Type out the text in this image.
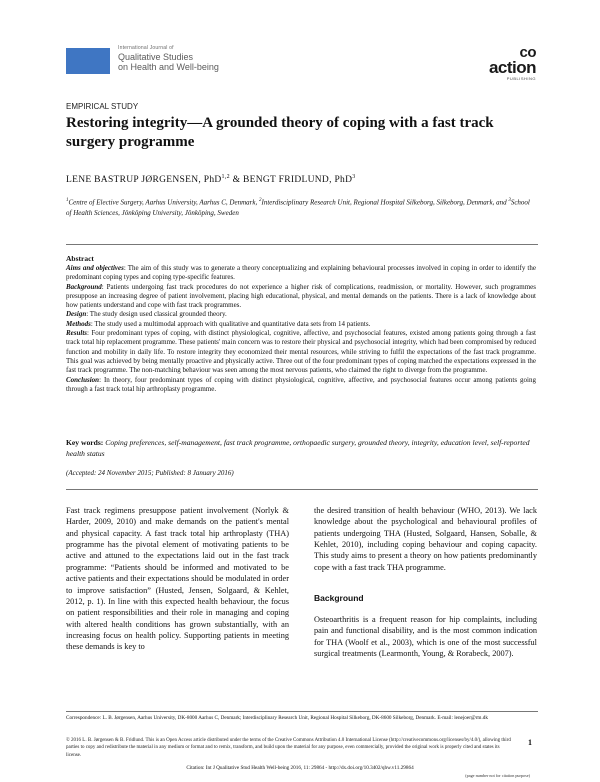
International Journal of
Qualitative Studies
on Health and Well-being
co
action
PUBLISHING
EMPIRICAL STUDY
Restoring integrity—A grounded theory of coping with a fast track surgery programme
LENE BASTRUP JØRGENSEN, PhD$^{1,2}$ & BENGT FRIDLUND, PhD$^3$
$^1$Centre of Elective Surgery, Aarhus University, Aarhus C, Denmark, $^2$Interdisciplinary Research Unit, Regional Hospital Silkeborg, Silkeborg, Denmark, and $^3$School of Health Sciences, Jönköping University, Jönköping, Sweden
Abstract

Aims and objectives: The aim of this study was to generate a theory conceptualizing and explaining behavioural processes involved in coping in order to identify the predominant coping types and coping type-specific features.

Background: Patients undergoing fast track procedures do not experience a higher risk of complications, readmission, or mortality. However, such programmes presuppose an increasing degree of patient involvement, placing high educational, physical, and mental demands on the patients. There is a lack of knowledge about how patients understand and cope with fast track programmes.

Design: The study design used classical grounded theory.

Methods: The study used a multimodal approach with qualitative and quantitative data sets from 14 patients.

Results: Four predominant types of coping, with distinct physiological, cognitive, affective, and psychosocial features, existed among patients going through a fast track total hip replacement programme. These patients' main concern was to restore their physical and psychosocial integrity, which had been compromised by reduced function and mobility in daily life. To restore integrity they economized their mental resources, while striving to fulfil the expectations of the fast track programme. This goal was achieved by being mentally proactive and physically active. Three out of the four predominant types of coping matched the expectations expressed in the fast track programme. The non-matching behaviour was seen among the most nervous patients, who claimed the right to diverge from the programme.

Conclusion: In theory, four predominant types of coping with distinct physiological, cognitive, affective, and psychosocial features occur among patients going through a fast track total hip arthroplasty programme.

Key words: Coping preferences, self-management, fast track programme, orthopaedic surgery, grounded theory, integrity, education level, self-reported health status
(Accepted: 24 November 2015; Published: 8 January 2016)

Fast track regimens presuppose patient involvement (Norlyk & Harder, 2009, 2010) and make demands on the patient's mental and physical capacity. A fast track total hip arthroplasty (THA) programme has the pivotal element of motivating patients to be active and attuned to the expectations laid out in the fast track programme: “Patients should be informed and motivated to be active patients and their expectations should be modulated in order to improve satisfaction” (Husted, Jensen, Solgaard, & Kehlet, 2012, p. 1). In line with this expected health behaviour, the focus on patient responsibilities and their role in managing and coping with altered health conditions has grown substantially, with an increasing focus on health policy. Supporting patients in meeting these demands is key to

the desired transition of health behaviour (WHO, 2013). We lack knowledge about the psychological and behavioural profiles of patients undergoing THA (Husted, Solgaard, Hansen, Soballe, & Kehlet, 2010), including coping behaviour and coping capacity. This study aims to present a theory on how patients predominantly cope with a fast track THA programme.

Background

Osteoarthritis is a frequent reason for hip complaints, including pain and functional disability, and is the most common indication for THA (Woolf et al., 2003), which is one of the most successful surgical treatments (Learmonth, Young, & Rorabeck, 2007).

Correspondence: L. B. Jørgensen, Aarhus University, DK-8000 Aarhus C, Denmark; Interdisciplinary Research Unit, Regional Hospital Silkeborg, DK-8600 Silkeborg, Denmark. E-mail: lenejoer@rm.dk
© 2016 L. B. Jørgensen & B. Fridlund. This is an Open Access article distributed under the terms of the Creative Commons Attribution 4.0 International License (http://creativecommons.org/licenses/by/4.0/), allowing third parties to copy and redistribute the material in any medium or format and to remix, transform, and build upon the material for any purpose, even commercially, provided the original work is properly cited and states its license.
1
Citation: Int J Qualitative Stud Health Well-being 2016, 11: 29864 - http://dx.doi.org/10.3402/qhw.v11.29864
(page number not for citation purpose)
